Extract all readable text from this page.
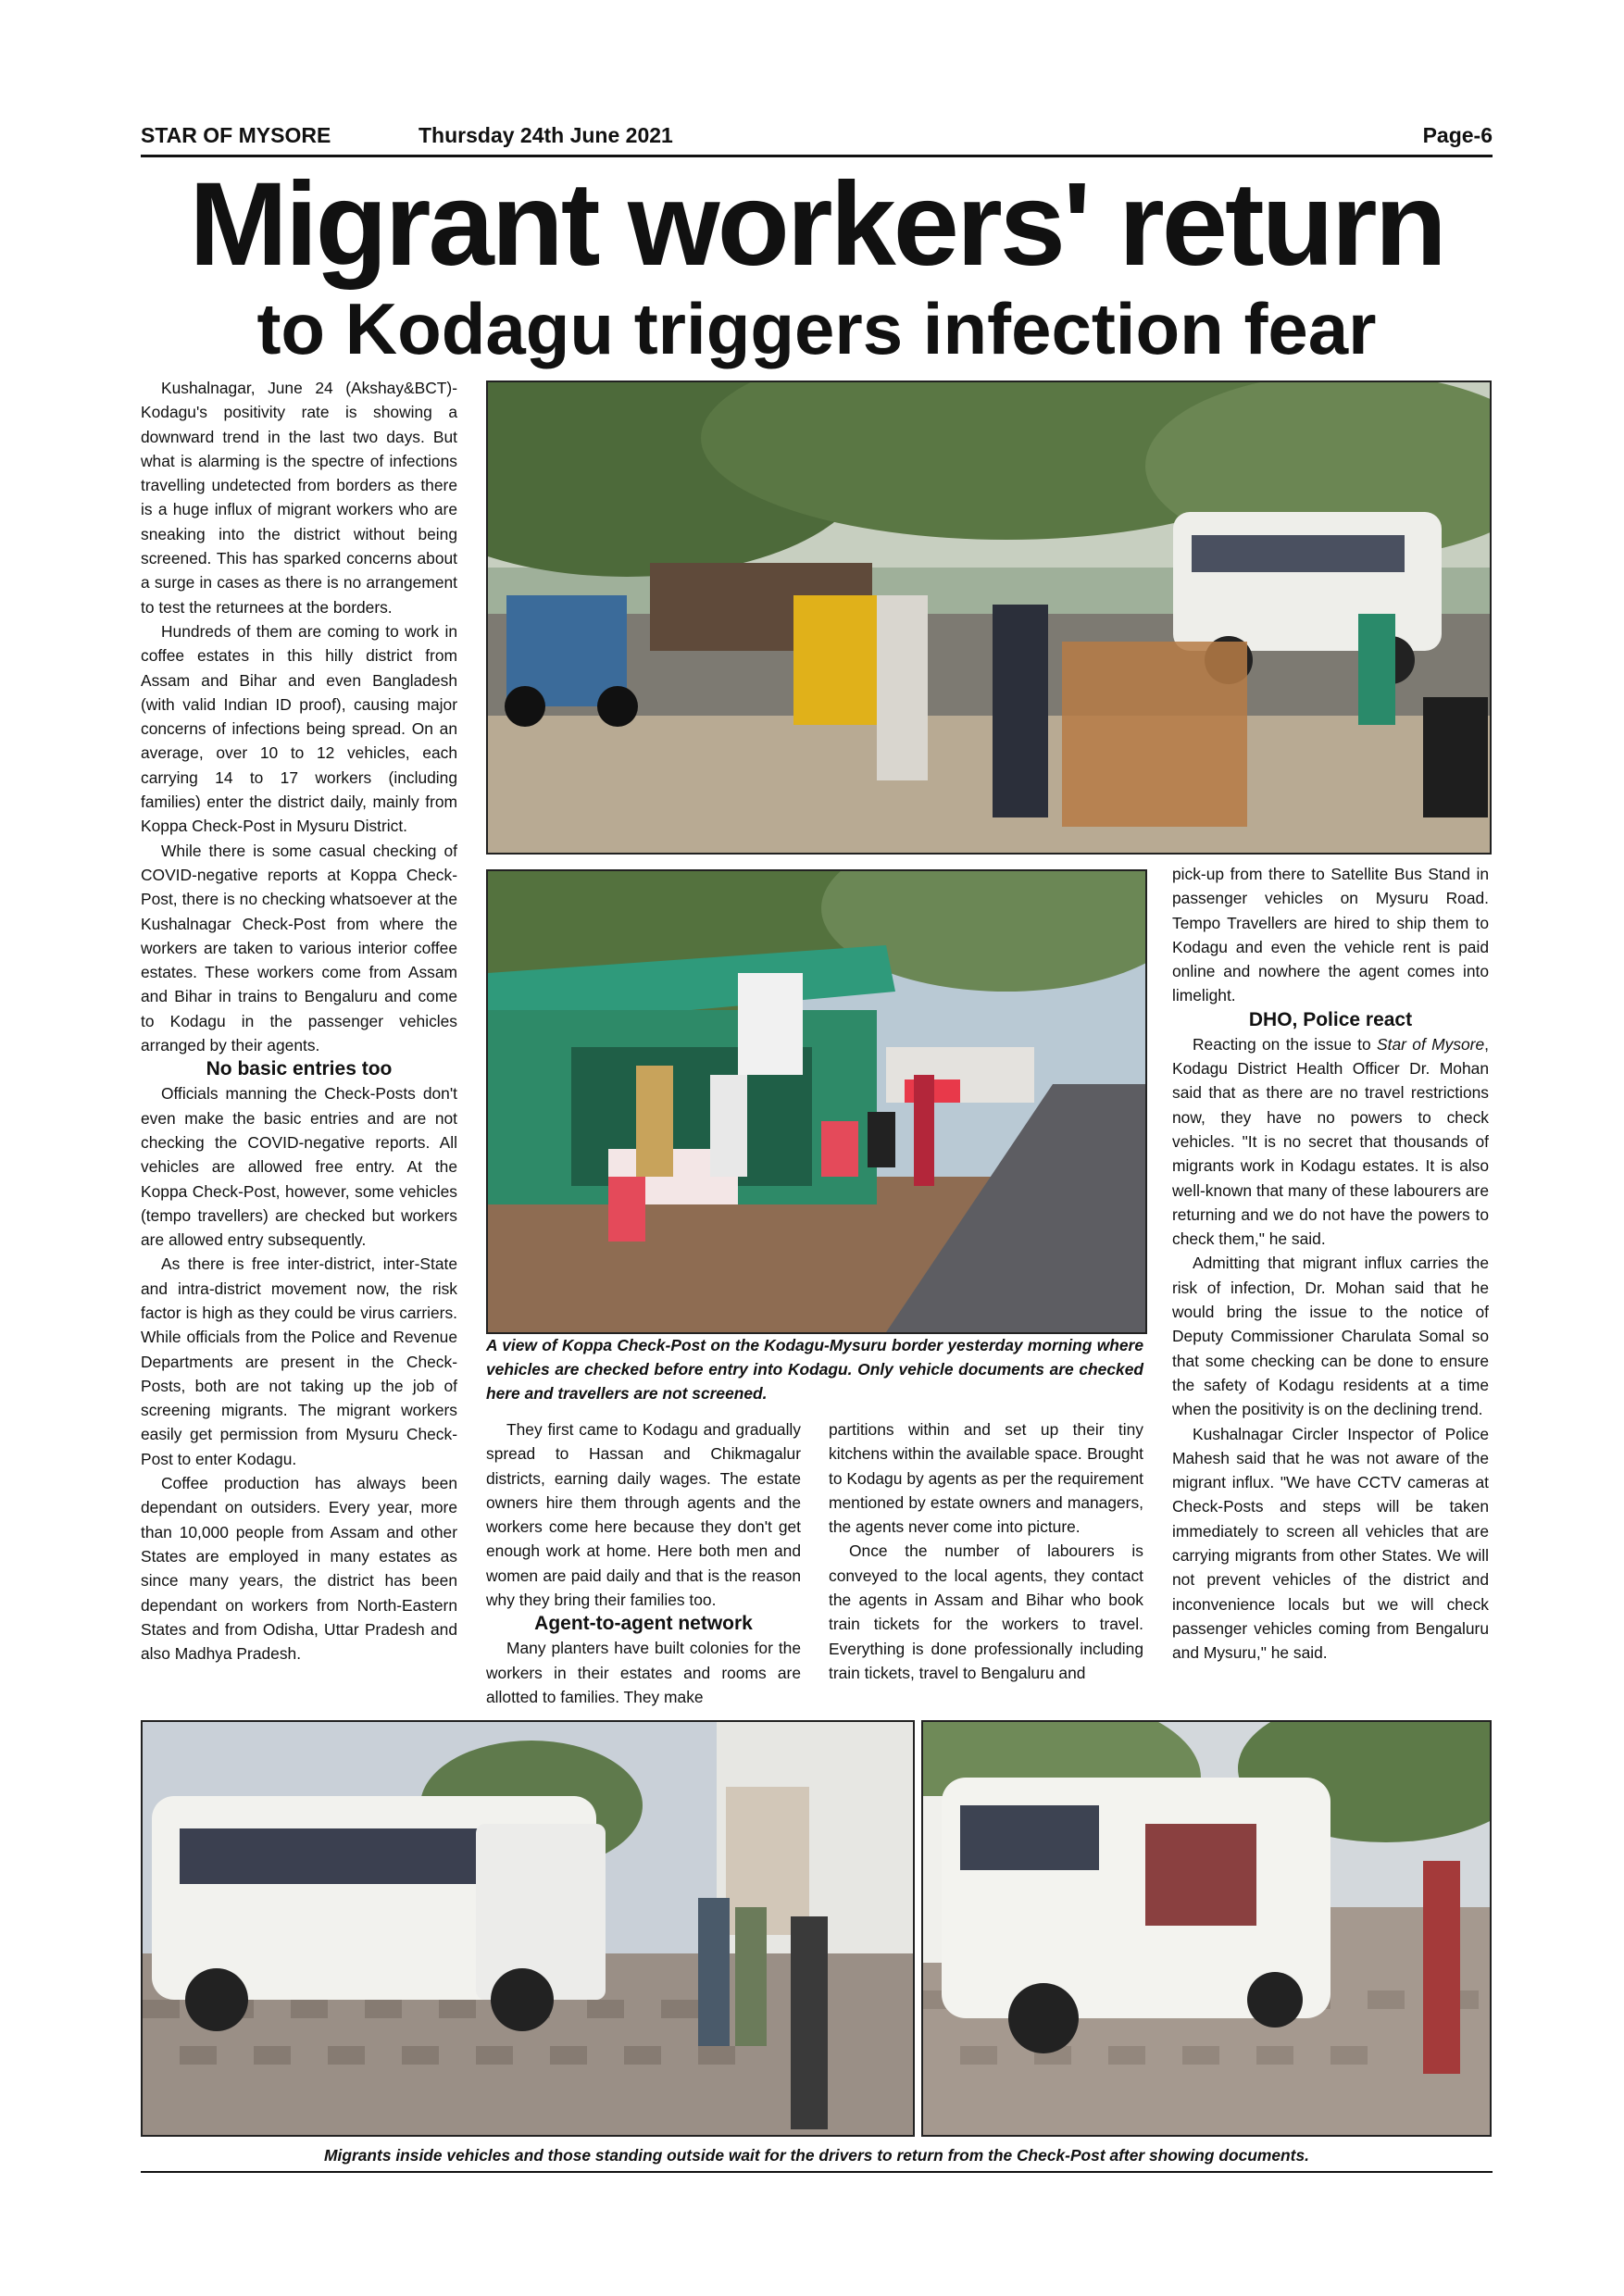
STAR OF MYSORE	Thursday 24th June 2021	Page-6
Migrant workers' return
to Kodagu triggers infection fear

Kushalnagar, June 24 (Akshay&BCT)- Kodagu's positivity rate is showing a downward trend in the last two days. But what is alarming is the spectre of infections travelling undetected from borders as there is a huge influx of migrant workers who are sneaking into the district without being screened. This has sparked concerns about a surge in cases as there is no arrangement to test the returnees at the borders.

Hundreds of them are coming to work in coffee estates in this hilly district from Assam and Bihar and even Bangladesh (with valid Indian ID proof), causing major concerns of infections being spread. On an average, over 10 to 12 vehicles, each carrying 14 to 17 workers (including families) enter the district daily, mainly from Koppa Check-Post in Mysuru District.

While there is some casual checking of COVID-negative reports at Koppa Check-Post, there is no checking whatsoever at the Kushalnagar Check-Post from where the workers are taken to various interior coffee estates. These workers come from Assam and Bihar in trains to Bengaluru and come to Kodagu in the passenger vehicles arranged by their agents.

No basic entries too

Officials manning the Check-Posts don't even make the basic entries and are not checking the COVID-negative reports. All vehicles are allowed free entry. At the Koppa Check-Post, however, some vehicles (tempo travellers) are checked but workers are allowed entry subsequently.

As there is free inter-district, inter-State and intra-district movement now, the risk factor is high as they could be virus carriers. While officials from the Police and Revenue Departments are present in the Check-Posts, both are not taking up the job of screening migrants. The migrant workers easily get permission from Mysuru Check-Post to enter Kodagu.

Coffee production has always been dependant on outsiders. Every year, more than 10,000 people from Assam and other States are employed in many estates as since many years, the district has been dependant on workers from North-Eastern States and from Odisha, Uttar Pradesh and also Madhya Pradesh.

A view of Koppa Check-Post on the Kodagu-Mysuru border yesterday morning where vehicles are checked before entry into Kodagu. Only vehicle documents are checked here and travellers are not screened.

They first came to Kodagu and gradually spread to Hassan and Chikmagalur districts, earning daily wages. The estate owners hire them through agents and the workers come here because they don't get enough work at home. Here both men and women are paid daily and that is the reason why they bring their families too.

Agent-to-agent network

Many planters have built colonies for the workers in their estates and rooms are allotted to families. They make

partitions within and set up their tiny kitchens within the available space. Brought to Kodagu by agents as per the requirement mentioned by estate owners and managers, the agents never come into picture.

Once the number of labourers is conveyed to the local agents, they contact the agents in Assam and Bihar who book train tickets for the workers to travel. Everything is done professionally including train tickets, travel to Bengaluru and

pick-up from there to Satellite Bus Stand in passenger vehicles on Mysuru Road. Tempo Travellers are hired to ship them to Kodagu and even the vehicle rent is paid online and nowhere the agent comes into limelight.

DHO, Police react

Reacting on the issue to Star of Mysore, Kodagu District Health Officer Dr. Mohan said that as there are no travel restrictions now, they have no powers to check vehicles. "It is no secret that thousands of migrants work in Kodagu estates. It is also well-known that many of these labourers are returning and we do not have the powers to check them," he said.

Admitting that migrant influx carries the risk of infection, Dr. Mohan said that he would bring the issue to the notice of Deputy Commissioner Charulata Somal so that some checking can be done to ensure the safety of Kodagu residents at a time when the positivity is on the declining trend.

Kushalnagar Circler Inspector of Police Mahesh said that he was not aware of the migrant influx. "We have CCTV cameras at Check-Posts and steps will be taken immediately to screen all vehicles that are carrying migrants from other States. We will not prevent vehicles of the district and inconvenience locals but we will check passenger vehicles coming from Bengaluru and Mysuru," he said.

Migrants inside vehicles and those standing outside wait for the drivers to return from the Check-Post after showing documents.
